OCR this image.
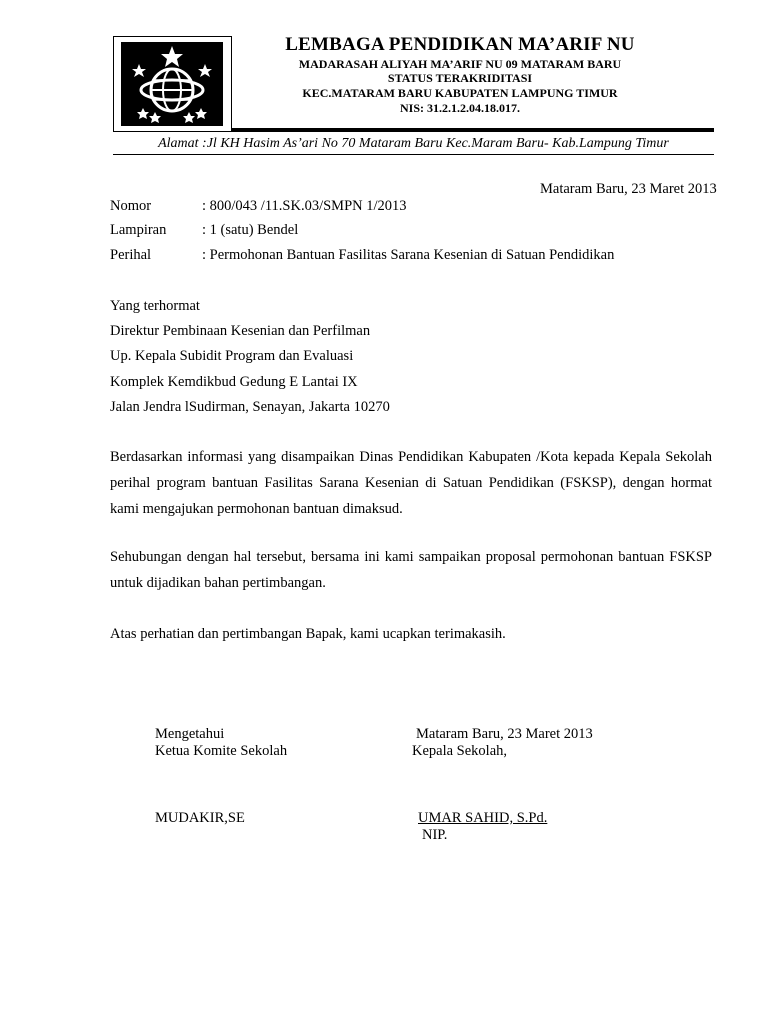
LEMBAGA PENDIDIKAN MA’ARIF NU
MADARASAH ALIYAH MA’ARIF NU 09 MATARAM BARU
STATUS TERAKRIDITASI
KEC.MATARAM BARU KABUPATEN LAMPUNG TIMUR
NIS: 31.2.1.2.04.18.017.
Alamat :Jl KH Hasim As’ari No 70 Mataram Baru Kec.Maram Baru- Kab.Lampung Timur
Mataram Baru, 23 Maret 2013
Nomor	: 800/043 /11.SK.03/SMPN 1/2013
Lampiran : 1 (satu) Bendel
Perihal	: Permohonan Bantuan Fasilitas Sarana Kesenian di Satuan Pendidikan
Yang terhormat
Direktur Pembinaan Kesenian dan Perfilman
Up. Kepala Subidit Program dan Evaluasi
Komplek Kemdikbud Gedung E Lantai IX
Jalan Jendra lSudirman, Senayan, Jakarta 10270
Berdasarkan informasi yang disampaikan Dinas Pendidikan Kabupaten /Kota kepada Kepala Sekolah perihal program bantuan Fasilitas Sarana Kesenian di Satuan Pendidikan (FSKSP), dengan hormat kami mengajukan permohonan bantuan dimaksud.
Sehubungan dengan hal tersebut, bersama ini kami sampaikan proposal permohonan bantuan FSKSP untuk dijadikan bahan pertimbangan.
Atas perhatian dan pertimbangan Bapak, kami ucapkan terimakasih.
Mengetahui
Ketua Komite Sekolah
MUDAKIR,SE
Mataram Baru, 23 Maret 2013
Kepala Sekolah,
UMAR SAHID, S.Pd.
NIP.
